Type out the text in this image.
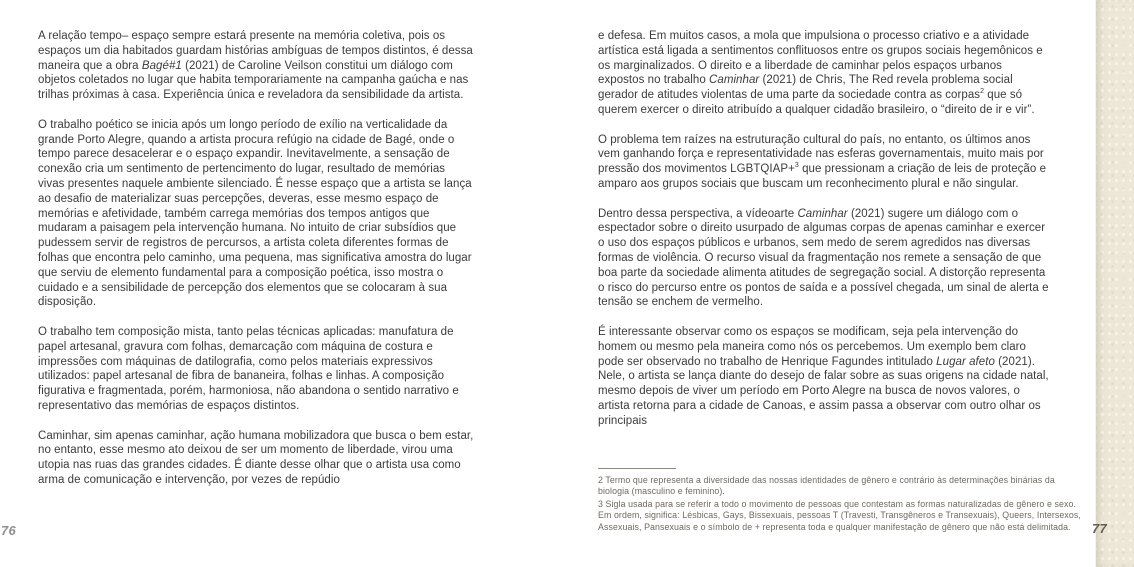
A relação tempo– espaço sempre estará presente na memória coletiva, pois os espaços um dia habitados guardam histórias ambíguas de tempos distintos, é dessa maneira que a obra Bagé#1 (2021) de Caroline Veilson constitui um diálogo com objetos coletados no lugar que habita temporariamente na campanha gaúcha e nas trilhas próximas à casa. Experiência única e reveladora da sensibilidade da artista.

O trabalho poético se inicia após um longo período de exílio na verticalidade da grande Porto Alegre, quando a artista procura refúgio na cidade de Bagé, onde o tempo parece desacelerar e o espaço expandir. Inevitavelmente, a sensação de conexão cria um sentimento de pertencimento do lugar, resultado de memórias vivas presentes naquele ambiente silenciado. É nesse espaço que a artista se lança ao desafio de materializar suas percepções, deveras, esse mesmo espaço de memórias e afetividade, também carrega memórias dos tempos antigos que mudaram a paisagem pela intervenção humana. No intuito de criar subsídios que pudessem servir de registros de percursos, a artista coleta diferentes formas de folhas que encontra pelo caminho, uma pequena, mas significativa amostra do lugar que serviu de elemento fundamental para a composição poética, isso mostra o cuidado e a sensibilidade de percepção dos elementos que se colocaram à sua disposição.

O trabalho tem composição mista, tanto pelas técnicas aplicadas: manufatura de papel artesanal, gravura com folhas, demarcação com máquina de costura e impressões com máquinas de datilografia, como pelos materiais expressivos utilizados: papel artesanal de fibra de bananeira, folhas e linhas. A composição figurativa e fragmentada, porém, harmoniosa, não abandona o sentido narrativo e representativo das memórias de espaços distintos.

Caminhar, sim apenas caminhar, ação humana mobilizadora que busca o bem estar, no entanto, esse mesmo ato deixou de ser um momento de liberdade, virou uma utopia nas ruas das grandes cidades. É diante desse olhar que o artista usa como arma de comunicação e intervenção, por vezes de repúdio

e defesa. Em muitos casos, a mola que impulsiona o processo criativo e a atividade artística está ligada a sentimentos conflituosos entre os grupos sociais hegemônicos e os marginalizados. O direito e a liberdade de caminhar pelos espaços urbanos expostos no trabalho Caminhar (2021) de Chris, The Red revela problema social gerador de atitudes violentas de uma parte da sociedade contra as corpas$^2$ que só querem exercer o direito atribuído a qualquer cidadão brasileiro, o “direito de ir e vir”.

O problema tem raízes na estruturação cultural do país, no entanto, os últimos anos vem ganhando força e representatividade nas esferas governamentais, muito mais por pressão dos movimentos LGBTQIAP+$^3$ que pressionam a criação de leis de proteção e amparo aos grupos sociais que buscam um reconhecimento plural e não singular.

Dentro dessa perspectiva, a vídeoarte Caminhar (2021) sugere um diálogo com o espectador sobre o direito usurpado de algumas corpas de apenas caminhar e exercer o uso dos espaços públicos e urbanos, sem medo de serem agredidos nas diversas formas de violência. O recurso visual da fragmentação nos remete a sensação de que boa parte da sociedade alimenta atitudes de segregação social. A distorção representa o risco do percurso entre os pontos de saída e a possível chegada, um sinal de alerta e tensão se enchem de vermelho.

É interessante observar como os espaços se modificam, seja pela intervenção do homem ou mesmo pela maneira como nós os percebemos. Um exemplo bem claro pode ser observado no trabalho de Henrique Fagundes intitulado Lugar afeto (2021). Nele, o artista se lança diante do desejo de falar sobre as suas origens na cidade natal, mesmo depois de viver um período em Porto Alegre na busca de novos valores, o artista retorna para a cidade de Canoas, e assim passa a observar com outro olhar os principais

2 Termo que representa a diversidade das nossas identidades de gênero e contrário às determinações binárias da biologia (masculino e feminino).

3 Sigla usada para se referir a todo o movimento de pessoas que contestam as formas naturalizadas de gênero e sexo. Em ordem, significa: Lésbicas, Gays, Bissexuais, pessoas T (Travesti, Transgêneros e Transexuais), Queers, Intersexos, Assexuais, Pansexuais e o símbolo de + representa toda e qualquer manifestação de gênero que não está delimitada.

76	77
